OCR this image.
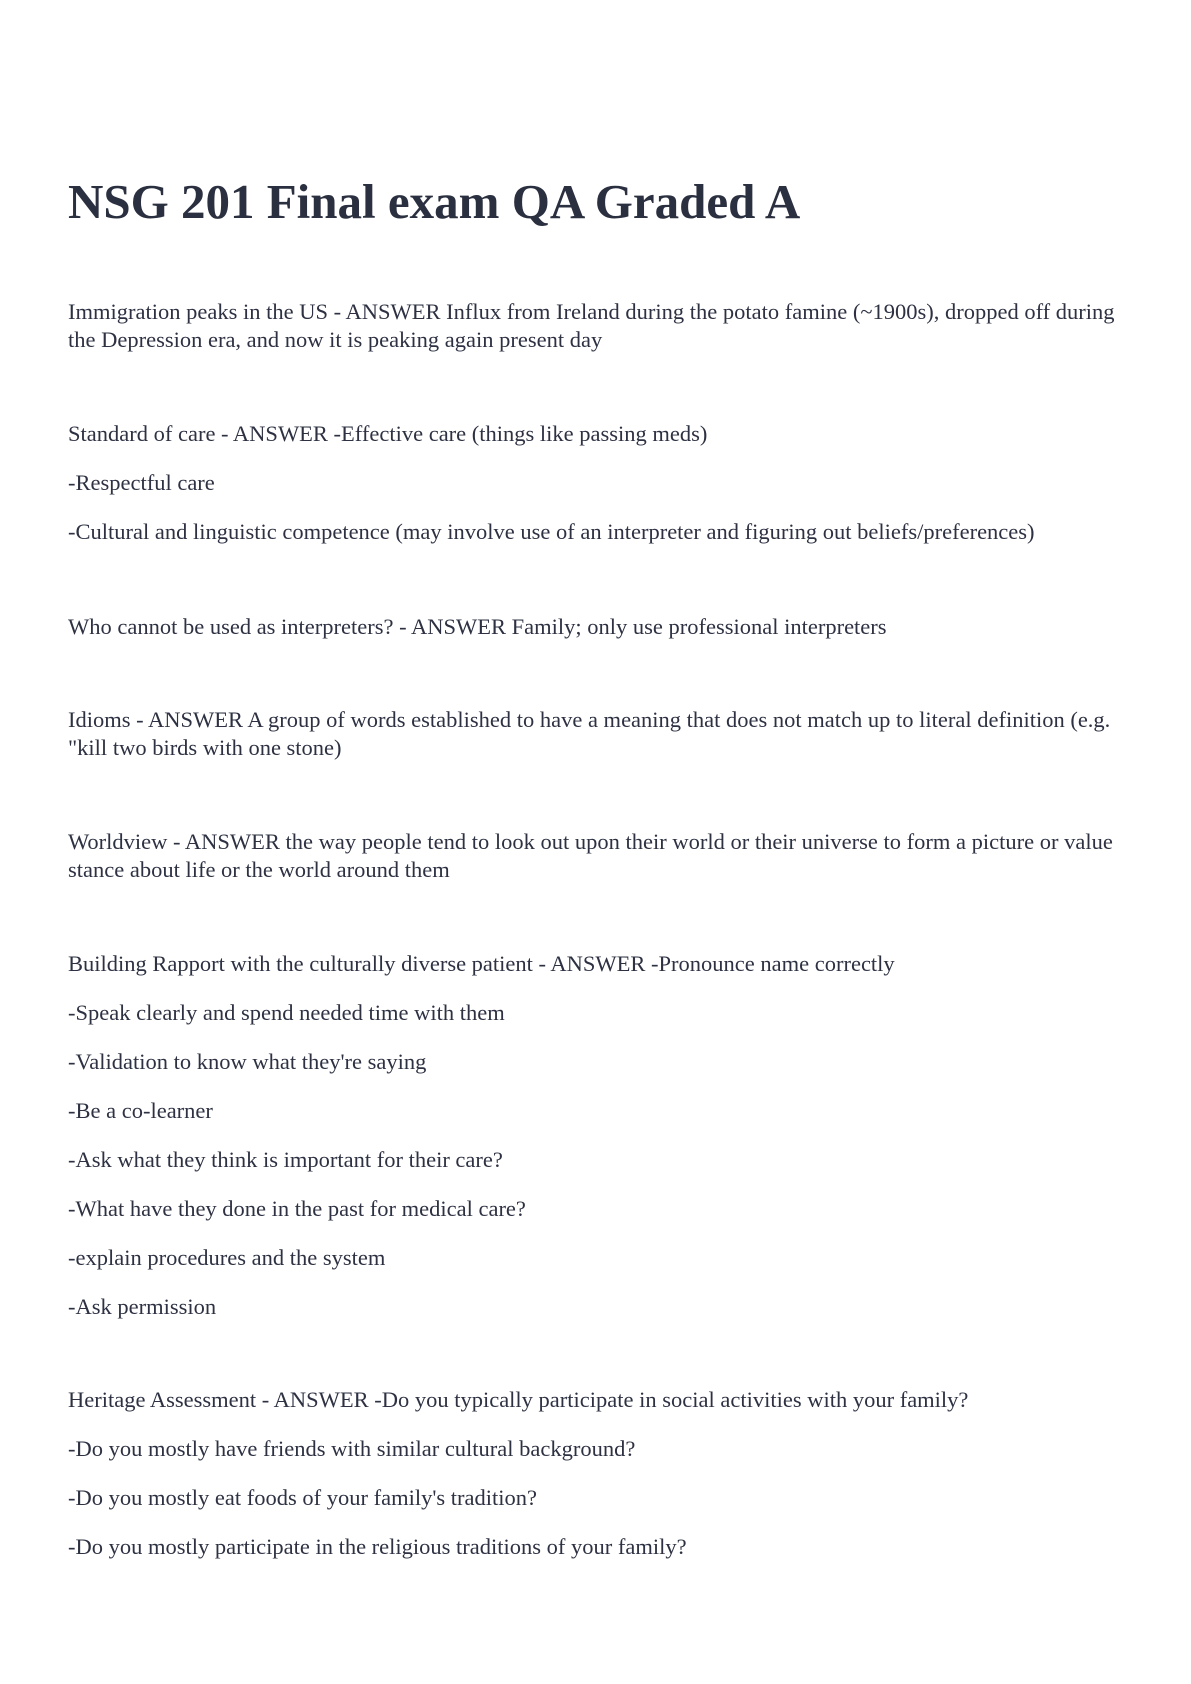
NSG 201 Final exam QA Graded A

Immigration peaks in the US - ANSWER Influx from Ireland during the potato famine (~1900s), dropped off during the Depression era, and now it is peaking again present day

Standard of care - ANSWER -Effective care (things like passing meds)

-Respectful care

-Cultural and linguistic competence (may involve use of an interpreter and figuring out beliefs/preferences)

Who cannot be used as interpreters? - ANSWER Family; only use professional interpreters

Idioms - ANSWER A group of words established to have a meaning that does not match up to literal definition (e.g. "kill two birds with one stone)

Worldview - ANSWER the way people tend to look out upon their world or their universe to form a picture or value stance about life or the world around them

Building Rapport with the culturally diverse patient - ANSWER -Pronounce name correctly

-Speak clearly and spend needed time with them

-Validation to know what they're saying

-Be a co-learner

-Ask what they think is important for their care?

-What have they done in the past for medical care?

-explain procedures and the system

-Ask permission

Heritage Assessment - ANSWER -Do you typically participate in social activities with your family?

-Do you mostly have friends with similar cultural background?

-Do you mostly eat foods of your family's tradition?

-Do you mostly participate in the religious traditions of your family?
